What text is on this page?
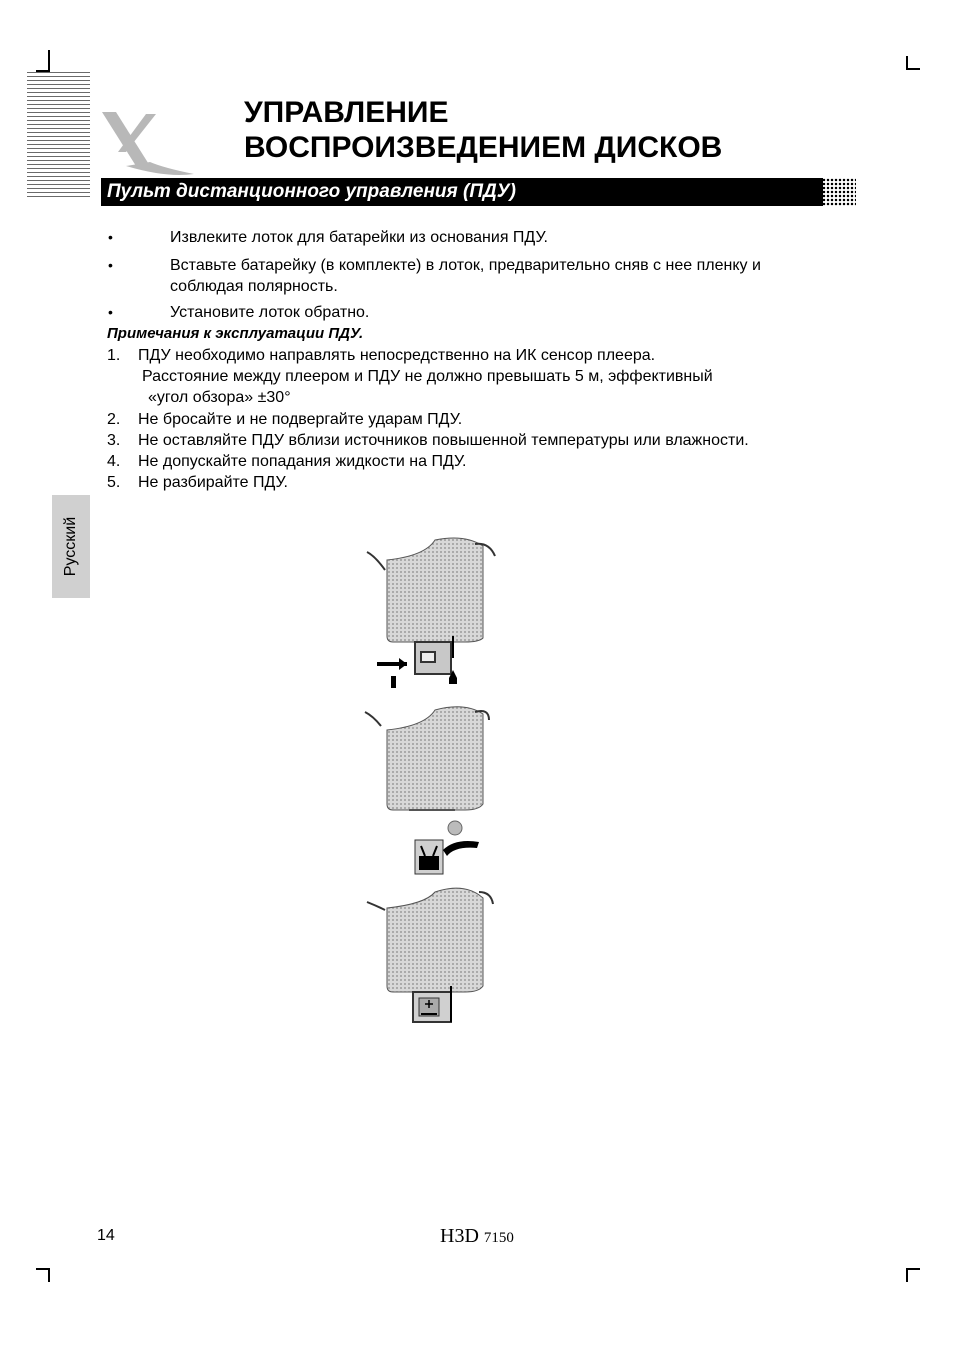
УПРАВЛЕНИЕ
ВОСПРОИЗВЕДЕНИЕМ ДИСКОВ
Пульт дистанционного управления (ПДУ)
•	Извлеките лоток для батарейки из основания ПДУ.
•	Вставьте батарейку (в комплекте) в лоток, предварительно сняв с нее пленку и
соблюдая полярность.
•	Установите лоток обратно.
Примечания к эксплуатации ПДУ.
1. ПДУ необходимо направлять непосредственно на ИК сенсор плеера.
Расстояние между плеером и ПДУ не должно превышать 5 м, эффективный
«угол обзора» ±30°
2. Не бросайте и не подвергайте ударам ПДУ.
3. Не оставляйте ПДУ вблизи источников повышенной температуры или влажности.
4. Не допускайте попадания жидкости на ПДУ.
5. Не разбирайте ПДУ.
Русский
14	H3D 7150
